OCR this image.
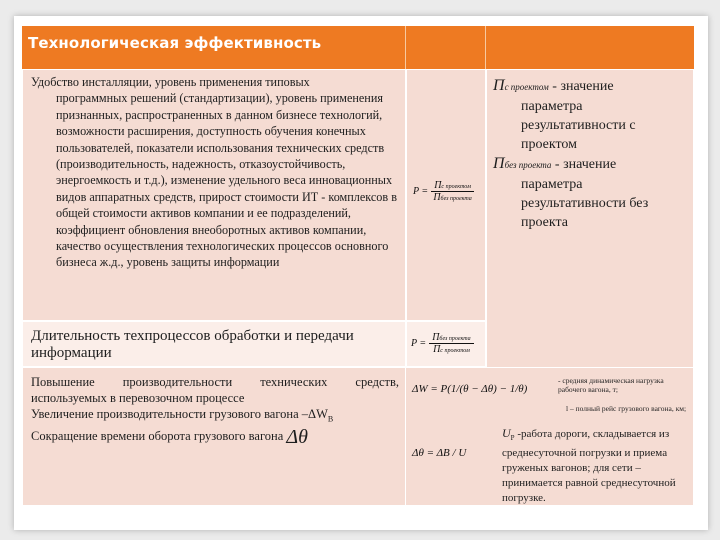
Технологическая эффективность
Удобство инсталляции, уровень применения типовых
программных решений (стандартизации), уровень применения признанных, распространенных в данном бизнесе технологий, возможности расширения, доступность обучения конечных пользователей, показатели использования технических средств (производительность, надежность, отказоустойчивость, энергоемкость и т.д.), изменение удельного веса инновационных видов аппаратных средств, прирост стоимости ИТ - комплексов в общей стоимости активов компании и ее подразделений, коэффициент обновления внеоборотных активов компании, качество осуществления технологических процессов основного бизнеса ж.д., уровень защиты информации
$P = \frac{\text{Пс проектом}}{\text{Пбез проекта}}$
Пс проектом - значение
параметра
результативности с
проектом
Пбез проекта - значение
параметра
результативности без
проекта
Длительность техпроцессов обработки и передачи информации
$P = \frac{\text{Пбез проекта}}{\text{Пс проектом}}$
Повышение производительности технических средств,
используемых в перевозочном процессе
Увеличение производительности грузового вагона $-\Delta W_В$
Сокращение времени оборота грузового вагона Δθ
ΔW = P(1/(θ − Δθ) − 1/θ)
Δθ = ΔB / U
- средняя динамическая нагрузка рабочего вагона, т;
l – полный рейс грузового вагона, км;
$U_Р$ -работа дороги, складывается из среднесуточной погрузки и приема груженых вагонов; для сети – принимается равной среднесуточной погрузке.
